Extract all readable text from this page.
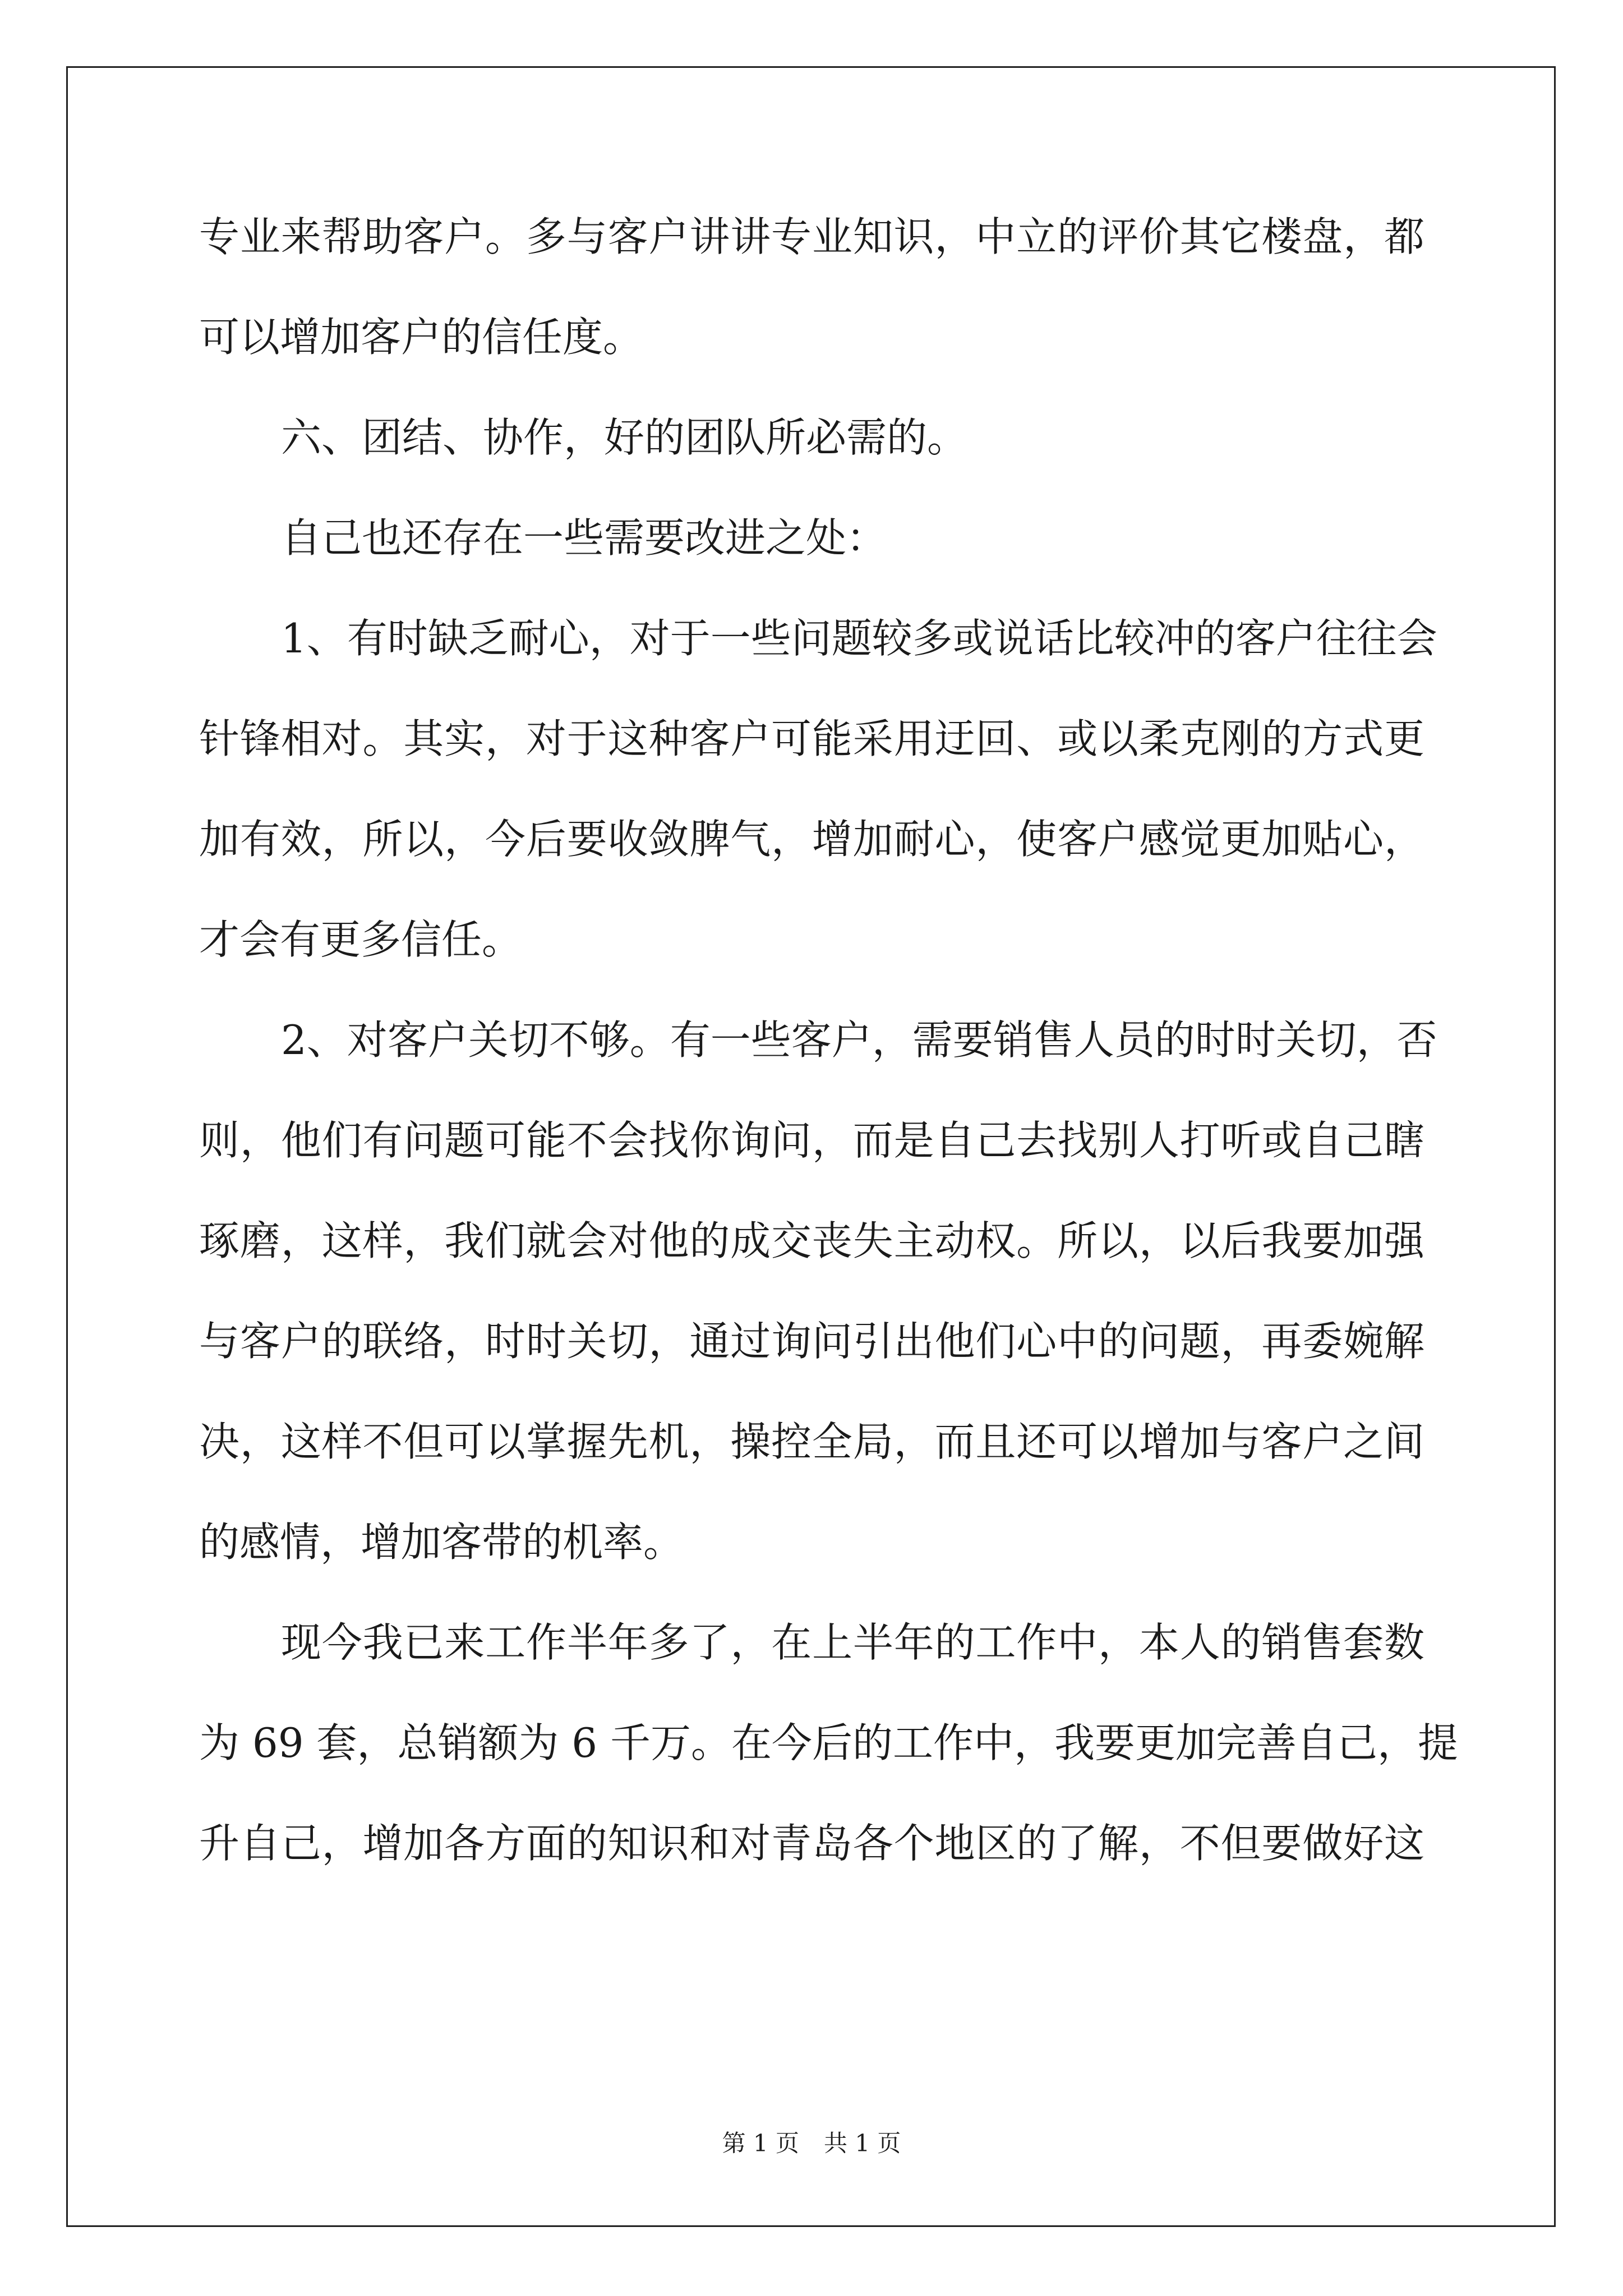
专业来帮助客户。多与客户讲讲专业知识，中立的评价其它楼盘，都
可以增加客户的信任度。
六、团结、协作，好的团队所必需的。
自己也还存在一些需要改进之处：
1、有时缺乏耐心，对于一些问题较多或说话比较冲的客户往往会
针锋相对。其实，对于这种客户可能采用迂回、或以柔克刚的方式更
加有效，所以，今后要收敛脾气，增加耐心，使客户感觉更加贴心，
才会有更多信任。
2、对客户关切不够。有一些客户，需要销售人员的时时关切，否
则，他们有问题可能不会找你询问，而是自己去找别人打听或自己瞎
琢磨，这样，我们就会对他的成交丧失主动权。所以，以后我要加强
与客户的联络，时时关切，通过询问引出他们心中的问题，再委婉解
决，这样不但可以掌握先机，操控全局，而且还可以增加与客户之间
的感情，增加客带的机率。
现今我已来工作半年多了，在上半年的工作中，本人的销售套数
为 69 套，总销额为 6 千万。在今后的工作中，我要更加完善自己，提
升自己，增加各方面的知识和对青岛各个地区的了解，不但要做好这
第 1 页 共 1 页
